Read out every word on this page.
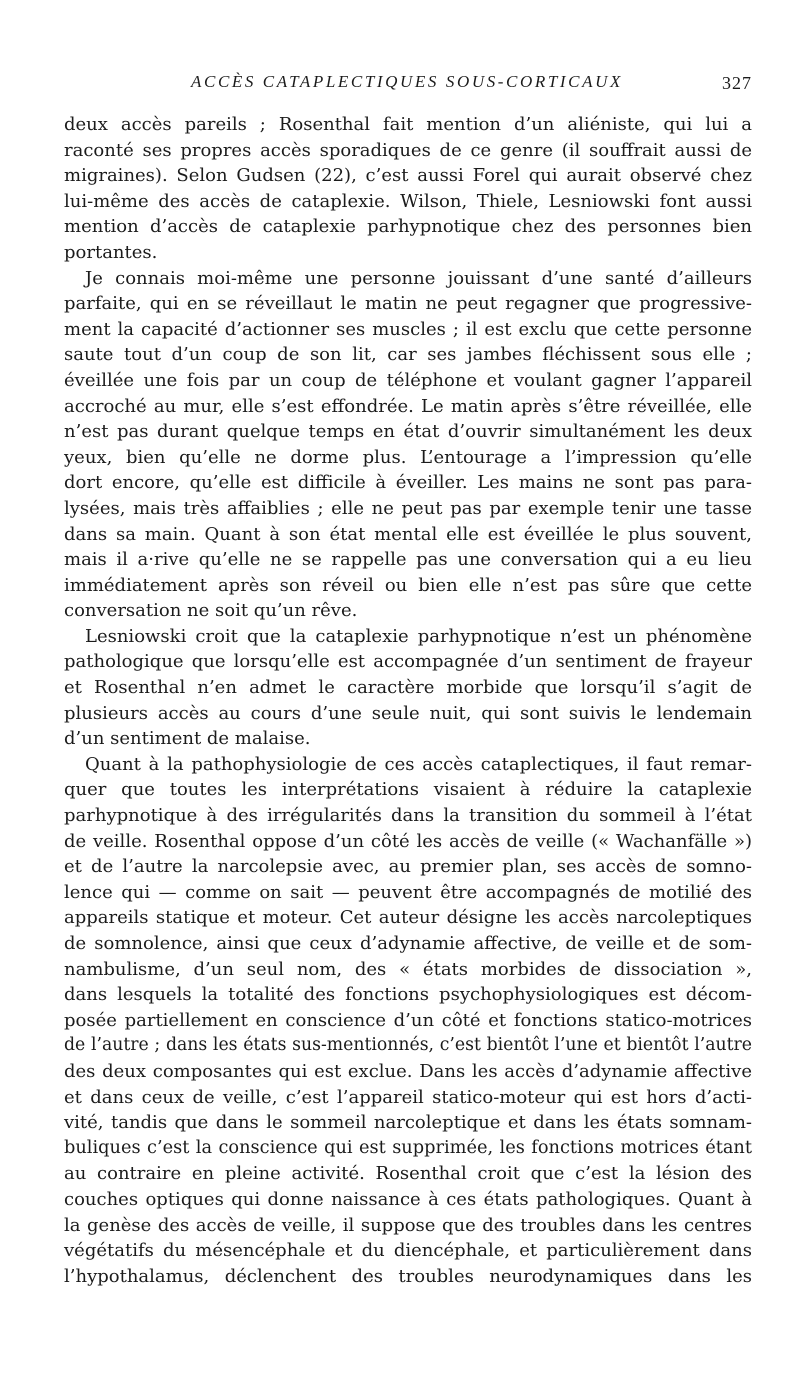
ACCÈS CATAPLECTIQUES SOUS-CORTICAUX	327
deux accès pareils ; Rosenthal fait mention d’un aliéniste, qui lui a
raconté ses propres accès sporadiques de ce genre (il souffrait aussi de
migraines). Selon Gudsen (22), c’est aussi Forel qui aurait observé chez
lui-même des accès de cataplexie. Wilson, Thiele, Lesniowski font aussi
mention d’accès de cataplexie parhypnotique chez des personnes bien
portantes.
Je connais moi-même une personne jouissant d’une santé d’ailleurs
parfaite, qui en se réveillaut le matin ne peut regagner que progressive-
ment la capacité d’actionner ses muscles ; il est exclu que cette personne
saute tout d’un coup de son lit, car ses jambes fléchissent sous elle ;
éveillée une fois par un coup de téléphone et voulant gagner l’appareil
accroché au mur, elle s’est effondrée. Le matin après s’être réveillée, elle
n’est pas durant quelque temps en état d’ouvrir simultanément les deux
yeux, bien qu’elle ne dorme plus. L’entourage a l’impression qu’elle
dort encore, qu’elle est difficile à éveiller. Les mains ne sont pas para-
lysées, mais très affaiblies ; elle ne peut pas par exemple tenir une tasse
dans sa main. Quant à son état mental elle est éveillée le plus souvent,
mais il a·rive qu’elle ne se rappelle pas une conversation qui a eu lieu
immédiatement après son réveil ou bien elle n’est pas sûre que cette
conversation ne soit qu’un rêve.
Lesniowski croit que la cataplexie parhypnotique n’est un phénomène
pathologique que lorsqu’elle est accompagnée d’un sentiment de frayeur
et Rosenthal n’en admet le caractère morbide que lorsqu’il s’agit de
plusieurs accès au cours d’une seule nuit, qui sont suivis le lendemain
d’un sentiment de malaise.
Quant à la pathophysiologie de ces accès cataplectiques, il faut remar-
quer que toutes les interprétations visaient à réduire la cataplexie
parhypnotique à des irrégularités dans la transition du sommeil à l’état
de veille. Rosenthal oppose d’un côté les accès de veille (« Wachanfälle »)
et de l’autre la narcolepsie avec, au premier plan, ses accès de somno-
lence qui — comme on sait — peuvent être accompagnés de motilié des
appareils statique et moteur. Cet auteur désigne les accès narcoleptiques
de somnolence, ainsi que ceux d’adynamie affective, de veille et de som-
nambulisme, d’un seul nom, des « états morbides de dissociation »,
dans lesquels la totalité des fonctions psychophysiologiques est décom-
posée partiellement en conscience d’un côté et fonctions statico-motrices
de l’autre ; dans les états sus-mentionnés, c’est bientôt l’une et bientôt l’autre
des deux composantes qui est exclue. Dans les accès d’adynamie affective
et dans ceux de veille, c’est l’appareil statico-moteur qui est hors d’acti-
vité, tandis que dans le sommeil narcoleptique et dans les états somnam-
buliques c’est la conscience qui est supprimée, les fonctions motrices étant
au contraire en pleine activité. Rosenthal croit que c’est la lésion des
couches optiques qui donne naissance à ces états pathologiques. Quant à
la genèse des accès de veille, il suppose que des troubles dans les centres
végétatifs du mésencéphale et du diencéphale, et particulièrement dans
l’hypothalamus, déclenchent des troubles neurodynamiques dans les
